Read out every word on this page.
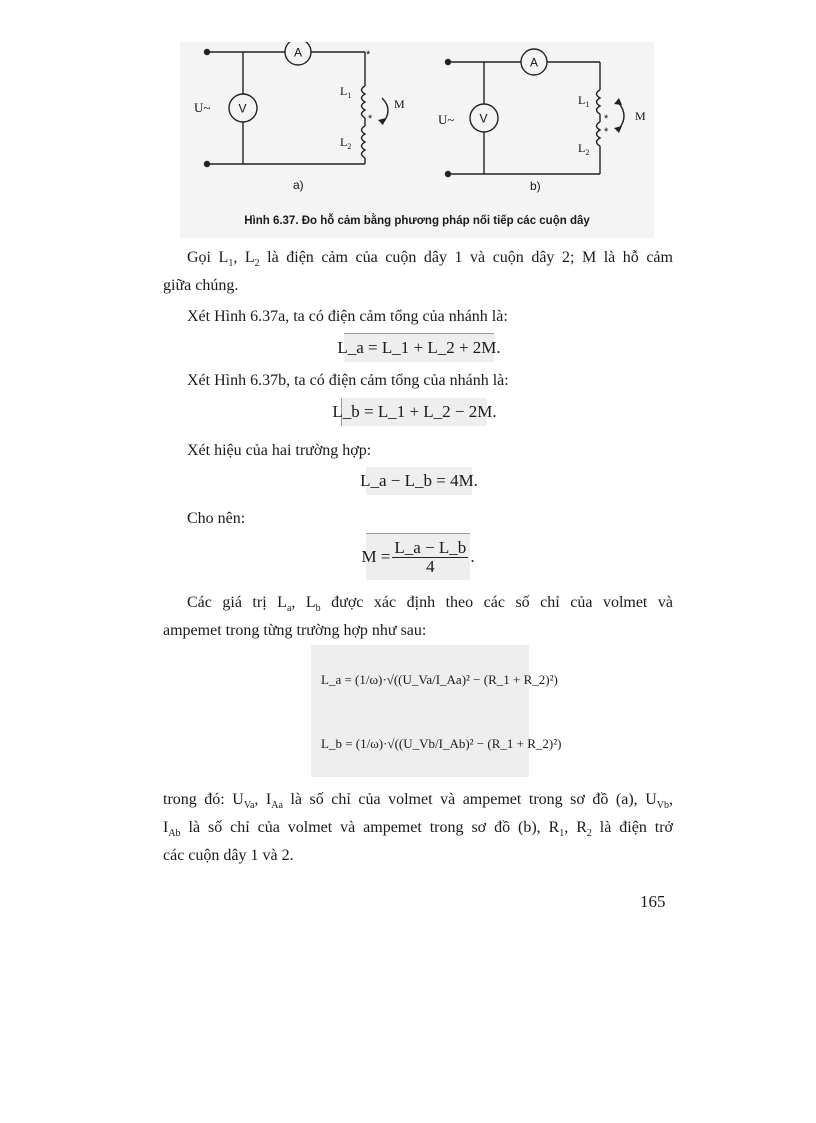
A
V
U~
*
*
$L_1$
$L_2$
M
a)
A
V
U~	*
*
$L_1$
$L_2$
M
b)
Hình 6.37. Đo hỗ cảm bằng phương pháp nối tiếp các cuộn dây

Gọi $L_1$, $L_2$ là điện cảm của cuộn dây 1 và cuộn dây 2; M là hỗ cảm

giữa chúng.

Xét Hình 6.37a, ta có điện cảm tổng của nhánh là:

L_a = L_1 + L_2 + 2M.

Xét Hình 6.37b, ta có điện cảm tổng của nhánh là:

L_b = L_1 + L_2 − 2M.

Xét hiệu của hai trường hợp:

L_a − L_b = 4M.

Cho nên:

$M = \frac{L\_a - L\_b}{4}$ .

Các giá trị $L_a$, $L_b$ được xác định theo các số chỉ của volmet và

ampemet trong từng trường hợp như sau:

L_a = (1/ω)·√((U_Va/I_Aa)² − (R_1 + R_2)²)
L_b = (1/ω)·√((U_Vb/I_Ab)² − (R_1 + R_2)²)

trong đó: $U_{Va}$, $I_{Aa}$ là số chỉ của volmet và ampemet trong sơ đồ (a), $U_{Vb}$,

$I_{Ab}$ là số chỉ của volmet và ampemet trong sơ đồ (b), $R_1$, $R_2$ là điện trở

các cuộn dây 1 và 2.

165
